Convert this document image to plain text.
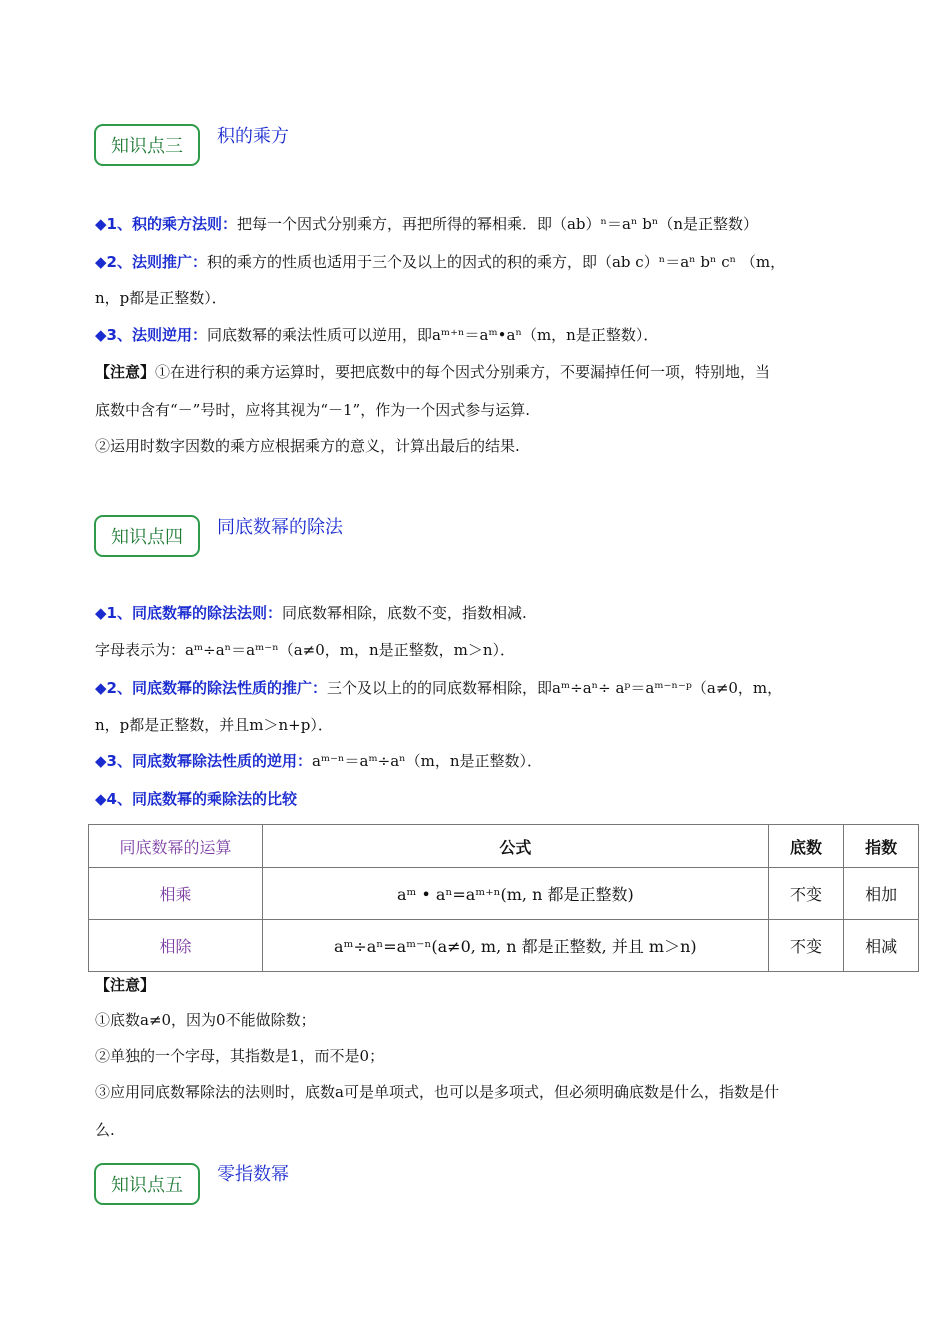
知识点三 积的乘方
◆1、积的乘方法则：把每一个因式分别乘方，再把所得的幂相乘．即（ab）ⁿ＝aⁿ bⁿ（n是正整数）
◆2、法则推广：积的乘方的性质也适用于三个及以上的因式的积的乘方，即（ab c）ⁿ＝aⁿ bⁿ cⁿ （m，
n，p都是正整数）．
◆3、法则逆用：同底数幂的乘法性质可以逆用，即aᵐ⁺ⁿ＝aᵐ•aⁿ（m，n是正整数）．
【注意】①在进行积的乘方运算时，要把底数中的每个因式分别乘方，不要漏掉任何一项，特别地，当
底数中含有“－”号时，应将其视为“－1”，作为一个因式参与运算.
②运用时数字因数的乘方应根据乘方的意义，计算出最后的结果.
知识点四 同底数幂的除法
◆1、同底数幂的除法法则：同底数幂相除，底数不变，指数相减.
字母表示为：aᵐ÷aⁿ＝aᵐ⁻ⁿ（a≠0，m，n是正整数，m＞n）．
◆2、同底数幂的除法性质的推广：三个及以上的的同底数幂相除，即aᵐ÷aⁿ÷ aᵖ＝aᵐ⁻ⁿ⁻ᵖ（a≠0，m，
n，p都是正整数，并且m＞n+p）．
◆3、同底数幂除法性质的逆用：aᵐ⁻ⁿ＝aᵐ÷aⁿ（m，n是正整数）．
◆4、同底数幂的乘除法的比较
同底数幂的运算	公式	底数	指数
相乘	aᵐ • aⁿ=aᵐ⁺ⁿ(m, n 都是正整数)	不变	相加
相除	aᵐ÷aⁿ=aᵐ⁻ⁿ(a≠0, m, n 都是正整数, 并且 m＞n)	不变	相减
【注意】
①底数a≠0，因为0不能做除数；
②单独的一个字母，其指数是1，而不是0；
③应用同底数幂除法的法则时，底数a可是单项式，也可以是多项式，但必须明确底数是什么，指数是什
么.
知识点五
零指数幂
